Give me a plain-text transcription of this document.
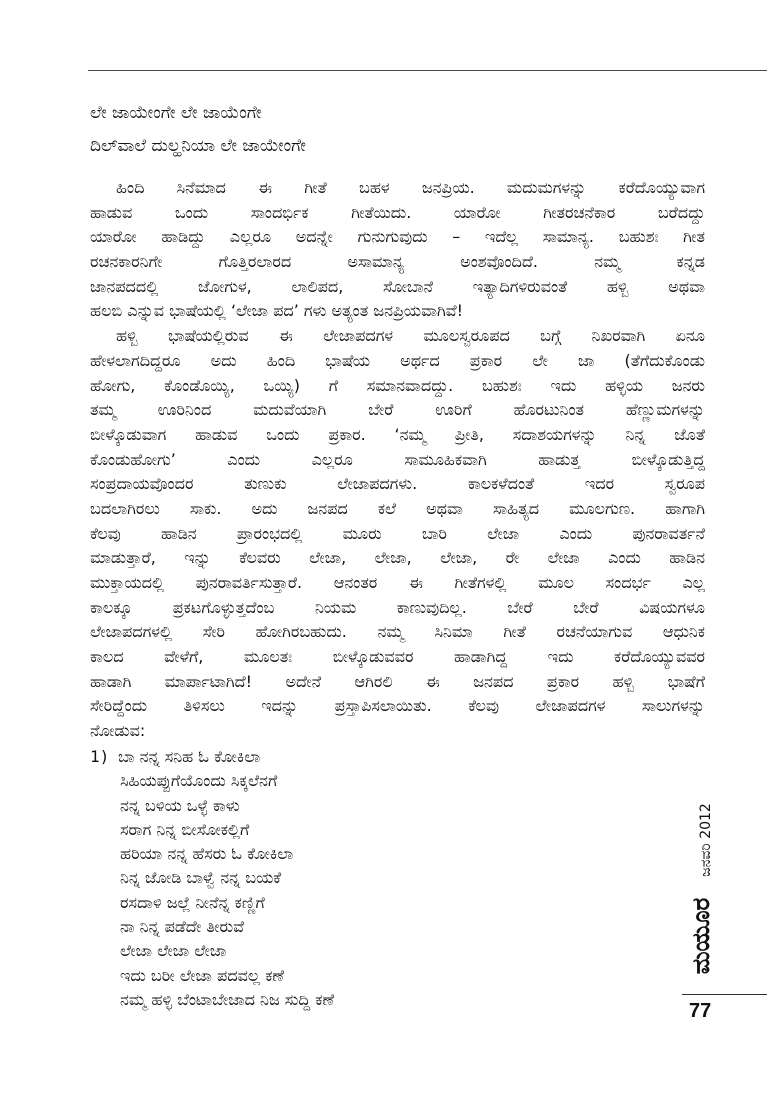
ಲೇ ಜಾಯೇಂಗೇ ಲೇ ಜಾಯೆಂಗೇ
ದಿಲ್‌ವಾಲೆ ದುಲ್ಹನಿಯಾ ಲೇ ಜಾಯೇಂಗೇ
ಹಿಂದಿ ಸಿನೆಮಾದ ಈ ಗೀತೆ ಬಹಳ ಜನಪ್ರಿಯ. ಮದುಮಗಳನ್ನು ಕರೆದೊಯ್ಯುವಾಗ
ಹಾಡುವ ಒಂದು ಸಾಂದರ್ಭಿಕ ಗೀತೆಯಿದು. ಯಾರೋ ಗೀತರಚನೆಕಾರ ಬರೆದದ್ದು
ಯಾರೋ ಹಾಡಿದ್ದು ಎಲ್ಲರೂ ಅದನ್ನೇ ಗುನುಗುವುದು – ಇದೆಲ್ಲ ಸಾಮಾನ್ಯ. ಬಹುಶಃ ಗೀತ
ರಚನಕಾರನಿಗೇ ಗೊತ್ತಿರಲಾರದ ಅಸಾಮಾನ್ಯ ಅಂಶವೊಂದಿದೆ. ನಮ್ಮ ಕನ್ನಡ
ಜಾನಪದದಲ್ಲಿ ಜೋಗುಳ, ಲಾಲಿಪದ, ಸೋಬಾನೆ ಇತ್ಯಾದಿಗಳಿರುವಂತೆ ಹಳ್ಬಿ ಅಥವಾ
ಹಲಬಿ ಎನ್ನುವ ಭಾಷೆಯಲ್ಲಿ ‘ಲೇಜಾ ಪದ’ ಗಳು ಅತ್ಯಂತ ಜನಪ್ರಿಯವಾಗಿವೆ!
ಹಳ್ಬಿ ಭಾಷೆಯಲ್ಲಿರುವ ಈ ಲೇಜಾಪದಗಳ ಮೂಲಸ್ವರೂಪದ ಬಗ್ಗೆ ನಿಖರವಾಗಿ ಏನೂ
ಹೇಳಲಾಗದಿದ್ದರೂ ಅದು ಹಿಂದಿ ಭಾಷೆಯ ಅರ್ಥದ ಪ್ರಕಾರ ಲೇ ಜಾ (ತೆಗೆದುಕೊಂಡು
ಹೋಗು, ಕೊಂಡೊಯ್ಯಿ, ಒಯ್ಯಿ) ಗೆ ಸಮಾನವಾದದ್ದು. ಬಹುಶಃ ಇದು ಹಳ್ಳಿಯ ಜನರು
ತಮ್ಮ ಊರಿನಿಂದ ಮದುವೆಯಾಗಿ ಬೇರೆ ಊರಿಗೆ ಹೊರಟುನಿಂತ ಹೆಣ್ಣುಮಗಳನ್ನು
ಬೀಳ್ಕೊಡುವಾಗ ಹಾಡುವ ಒಂದು ಪ್ರಕಾರ. ‘ನಮ್ಮ ಪ್ರೀತಿ, ಸದಾಶಯಗಳನ್ನು ನಿನ್ನ ಜೊತೆ
ಕೊಂಡುಹೋಗು’ ಎಂದು ಎಲ್ಲರೂ ಸಾಮೂಹಿಕವಾಗಿ ಹಾಡುತ್ತ ಬೀಳ್ಕೊಡುತ್ತಿದ್ದ
ಸಂಪ್ರದಾಯವೊಂದರ ತುಣುಕು ಲೇಜಾಪದಗಳು. ಕಾಲಕಳೆದಂತೆ ಇದರ ಸ್ವರೂಪ
ಬದಲಾಗಿರಲು ಸಾಕು. ಅದು ಜನಪದ ಕಲೆ ಅಥವಾ ಸಾಹಿತ್ಯದ ಮೂಲಗುಣ. ಹಾಗಾಗಿ
ಕೆಲವು ಹಾಡಿನ ಪ್ರಾರಂಭದಲ್ಲಿ ಮೂರು ಬಾರಿ ಲೇಜಾ ಎಂದು ಪುನರಾವರ್ತನೆ
ಮಾಡುತ್ತಾರೆ, ಇನ್ನು ಕೆಲವರು ಲೇಜಾ, ಲೇಜಾ, ಲೇಜಾ, ರೇ ಲೇಜಾ ಎಂದು ಹಾಡಿನ
ಮುಕ್ತಾಯದಲ್ಲಿ ಪುನರಾವರ್ತಿಸುತ್ತಾರೆ. ಆನಂತರ ಈ ಗೀತೆಗಳಲ್ಲಿ ಮೂಲ ಸಂದರ್ಭ ಎಲ್ಲ
ಕಾಲಕ್ಕೂ ಪ್ರಕಟಗೊಳ್ಳುತ್ತದೆಂಬ ನಿಯಮ ಕಾಣುವುದಿಲ್ಲ. ಬೇರೆ ಬೇರೆ ವಿಷಯಗಳೂ
ಲೇಜಾಪದಗಳಲ್ಲಿ ಸೇರಿ ಹೋಗಿರಬಹುದು. ನಮ್ಮ ಸಿನಿಮಾ ಗೀತೆ ರಚನೆಯಾಗುವ ಆಧುನಿಕ
ಕಾಲದ ವೇಳೆಗೆ, ಮೂಲತಃ ಬೀಳ್ಕೊಡುವವರ ಹಾಡಾಗಿದ್ದ ಇದು ಕರೆದೊಯ್ಯುವವರ
ಹಾಡಾಗಿ ಮಾರ್ಪಾಟಾಗಿದೆ! ಅದೇನೆ ಆಗಿರಲಿ ಈ ಜನಪದ ಪ್ರಕಾರ ಹಳ್ಬಿ ಭಾಷೆಗೆ
ಸೇರಿದ್ದೆಂದು ತಿಳಿಸಲು ಇದನ್ನು ಪ್ರಸ್ತಾಪಿಸಲಾಯಿತು. ಕೆಲವು ಲೇಜಾಪದಗಳ ಸಾಲುಗಳನ್ನು
ನೋಡುವ:
1) ಬಾ ನನ್ನ ಸನಿಹ ಓ ಕೋಕಿಲಾ
ಸಿಹಿಯಪ್ಪುಗೆಯೊಂದು ಸಿಕ್ಕಲೆನಗೆ
ನನ್ನ ಬಳಿಯ ಒಳ್ಳೆ ಕಾಳು
ಸರಾಗ ನಿನ್ನ ಬೀಸೋಕಲ್ಲಿಗೆ
ಹರಿಯಾ ನನ್ನ ಹೆಸರು ಓ ಕೋಕಿಲಾ
ನಿನ್ನ ಜೋಡಿ ಬಾಳ್ವೆ ನನ್ನ ಬಯಕೆ
ರಸದಾಳಿ ಜಲ್ಲೆ ನೀನೆನ್ನ ಕಣ್ಣಿಗೆ
ನಾ ನಿನ್ನ ಪಡೆದೇ ತೀರುವೆ
ಲೇಜಾ ಲೇಜಾ ಲೇಜಾ
ಇದು ಬರೀ ಲೇಜಾ ಪದವಲ್ಲ ಕಣೆ
ನಮ್ಮ ಹಳ್ಳಿ ಬೆಂಟಾಬೇಜಾದ ನಿಜ ಸುದ್ದಿ ಕಣೆ
ಜನವರಿ 2012
ಮಯೂರ
77
